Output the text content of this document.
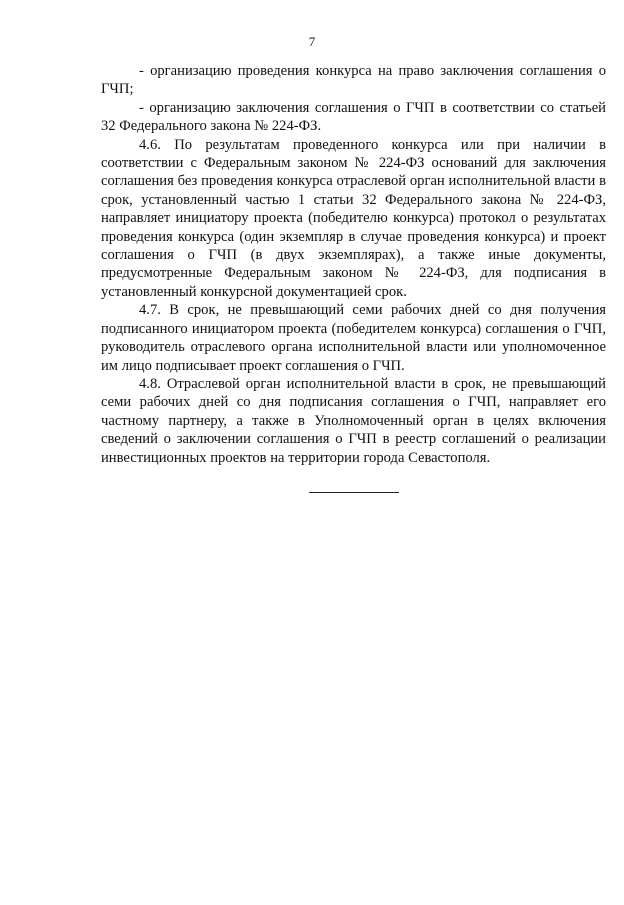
7

- организацию проведения конкурса на право заключения соглашения о ГЧП;

- организацию заключения соглашения о ГЧП в соответствии со статьей 32 Федерального закона № 224-ФЗ.

4.6. По результатам проведенного конкурса или при наличии в соответствии с Федеральным законом № 224-ФЗ оснований для заключения соглашения без проведения конкурса отраслевой орган исполнительной власти в срок, установленный частью 1 статьи 32 Федерального закона № 224-ФЗ, направляет инициатору проекта (победителю конкурса) протокол о результатах проведения конкурса (один экземпляр в случае проведения конкурса) и проект соглашения о ГЧП (в двух экземплярах), а также иные документы, предусмотренные Федеральным законом № 224-ФЗ, для подписания в установленный конкурсной документацией срок.

4.7. В срок, не превышающий семи рабочих дней со дня получения подписанного инициатором проекта (победителем конкурса) соглашения о ГЧП, руководитель отраслевого органа исполнительной власти или уполномоченное им лицо подписывает проект соглашения о ГЧП.

4.8. Отраслевой орган исполнительной власти в срок, не превышающий семи рабочих дней со дня подписания соглашения о ГЧП, направляет его частному партнеру, а также в Уполномоченный орган в целях включения сведений о заключении соглашения о ГЧП в реестр соглашений о реализации инвестиционных проектов на территории города Севастополя.
